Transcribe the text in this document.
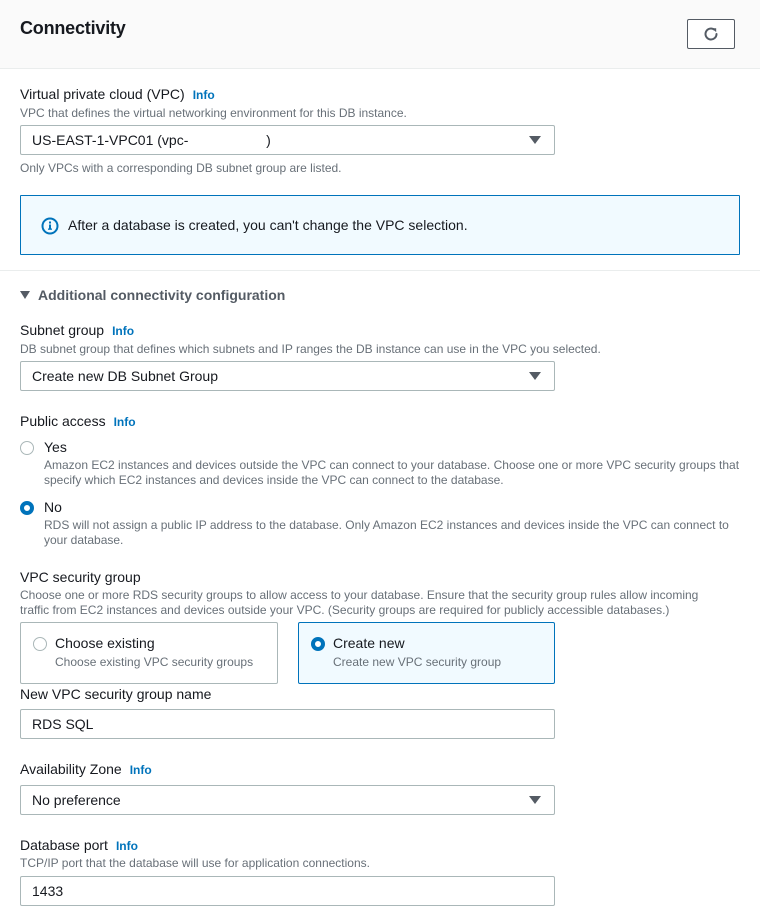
Connectivity
Virtual private cloud (VPC) Info
VPC that defines the virtual networking environment for this DB instance.
US-EAST-1-VPC01 (vpc-                    )
Only VPCs with a corresponding DB subnet group are listed.
After a database is created, you can't change the VPC selection.
Additional connectivity configuration
Subnet group Info
DB subnet group that defines which subnets and IP ranges the DB instance can use in the VPC you selected.
Create new DB Subnet Group
Public access Info
Yes
Amazon EC2 instances and devices outside the VPC can connect to your database. Choose one or more VPC security groups that
specify which EC2 instances and devices inside the VPC can connect to the database.
No
RDS will not assign a public IP address to the database. Only Amazon EC2 instances and devices inside the VPC can connect to
your database.
VPC security group
Choose one or more RDS security groups to allow access to your database. Ensure that the security group rules allow incoming
traffic from EC2 instances and devices outside your VPC. (Security groups are required for publicly accessible databases.)
Choose existing
Choose existing VPC security groups
Create new
Create new VPC security group
New VPC security group name
RDS SQL
Availability Zone Info
No preference
Database port Info
TCP/IP port that the database will use for application connections.
1433
